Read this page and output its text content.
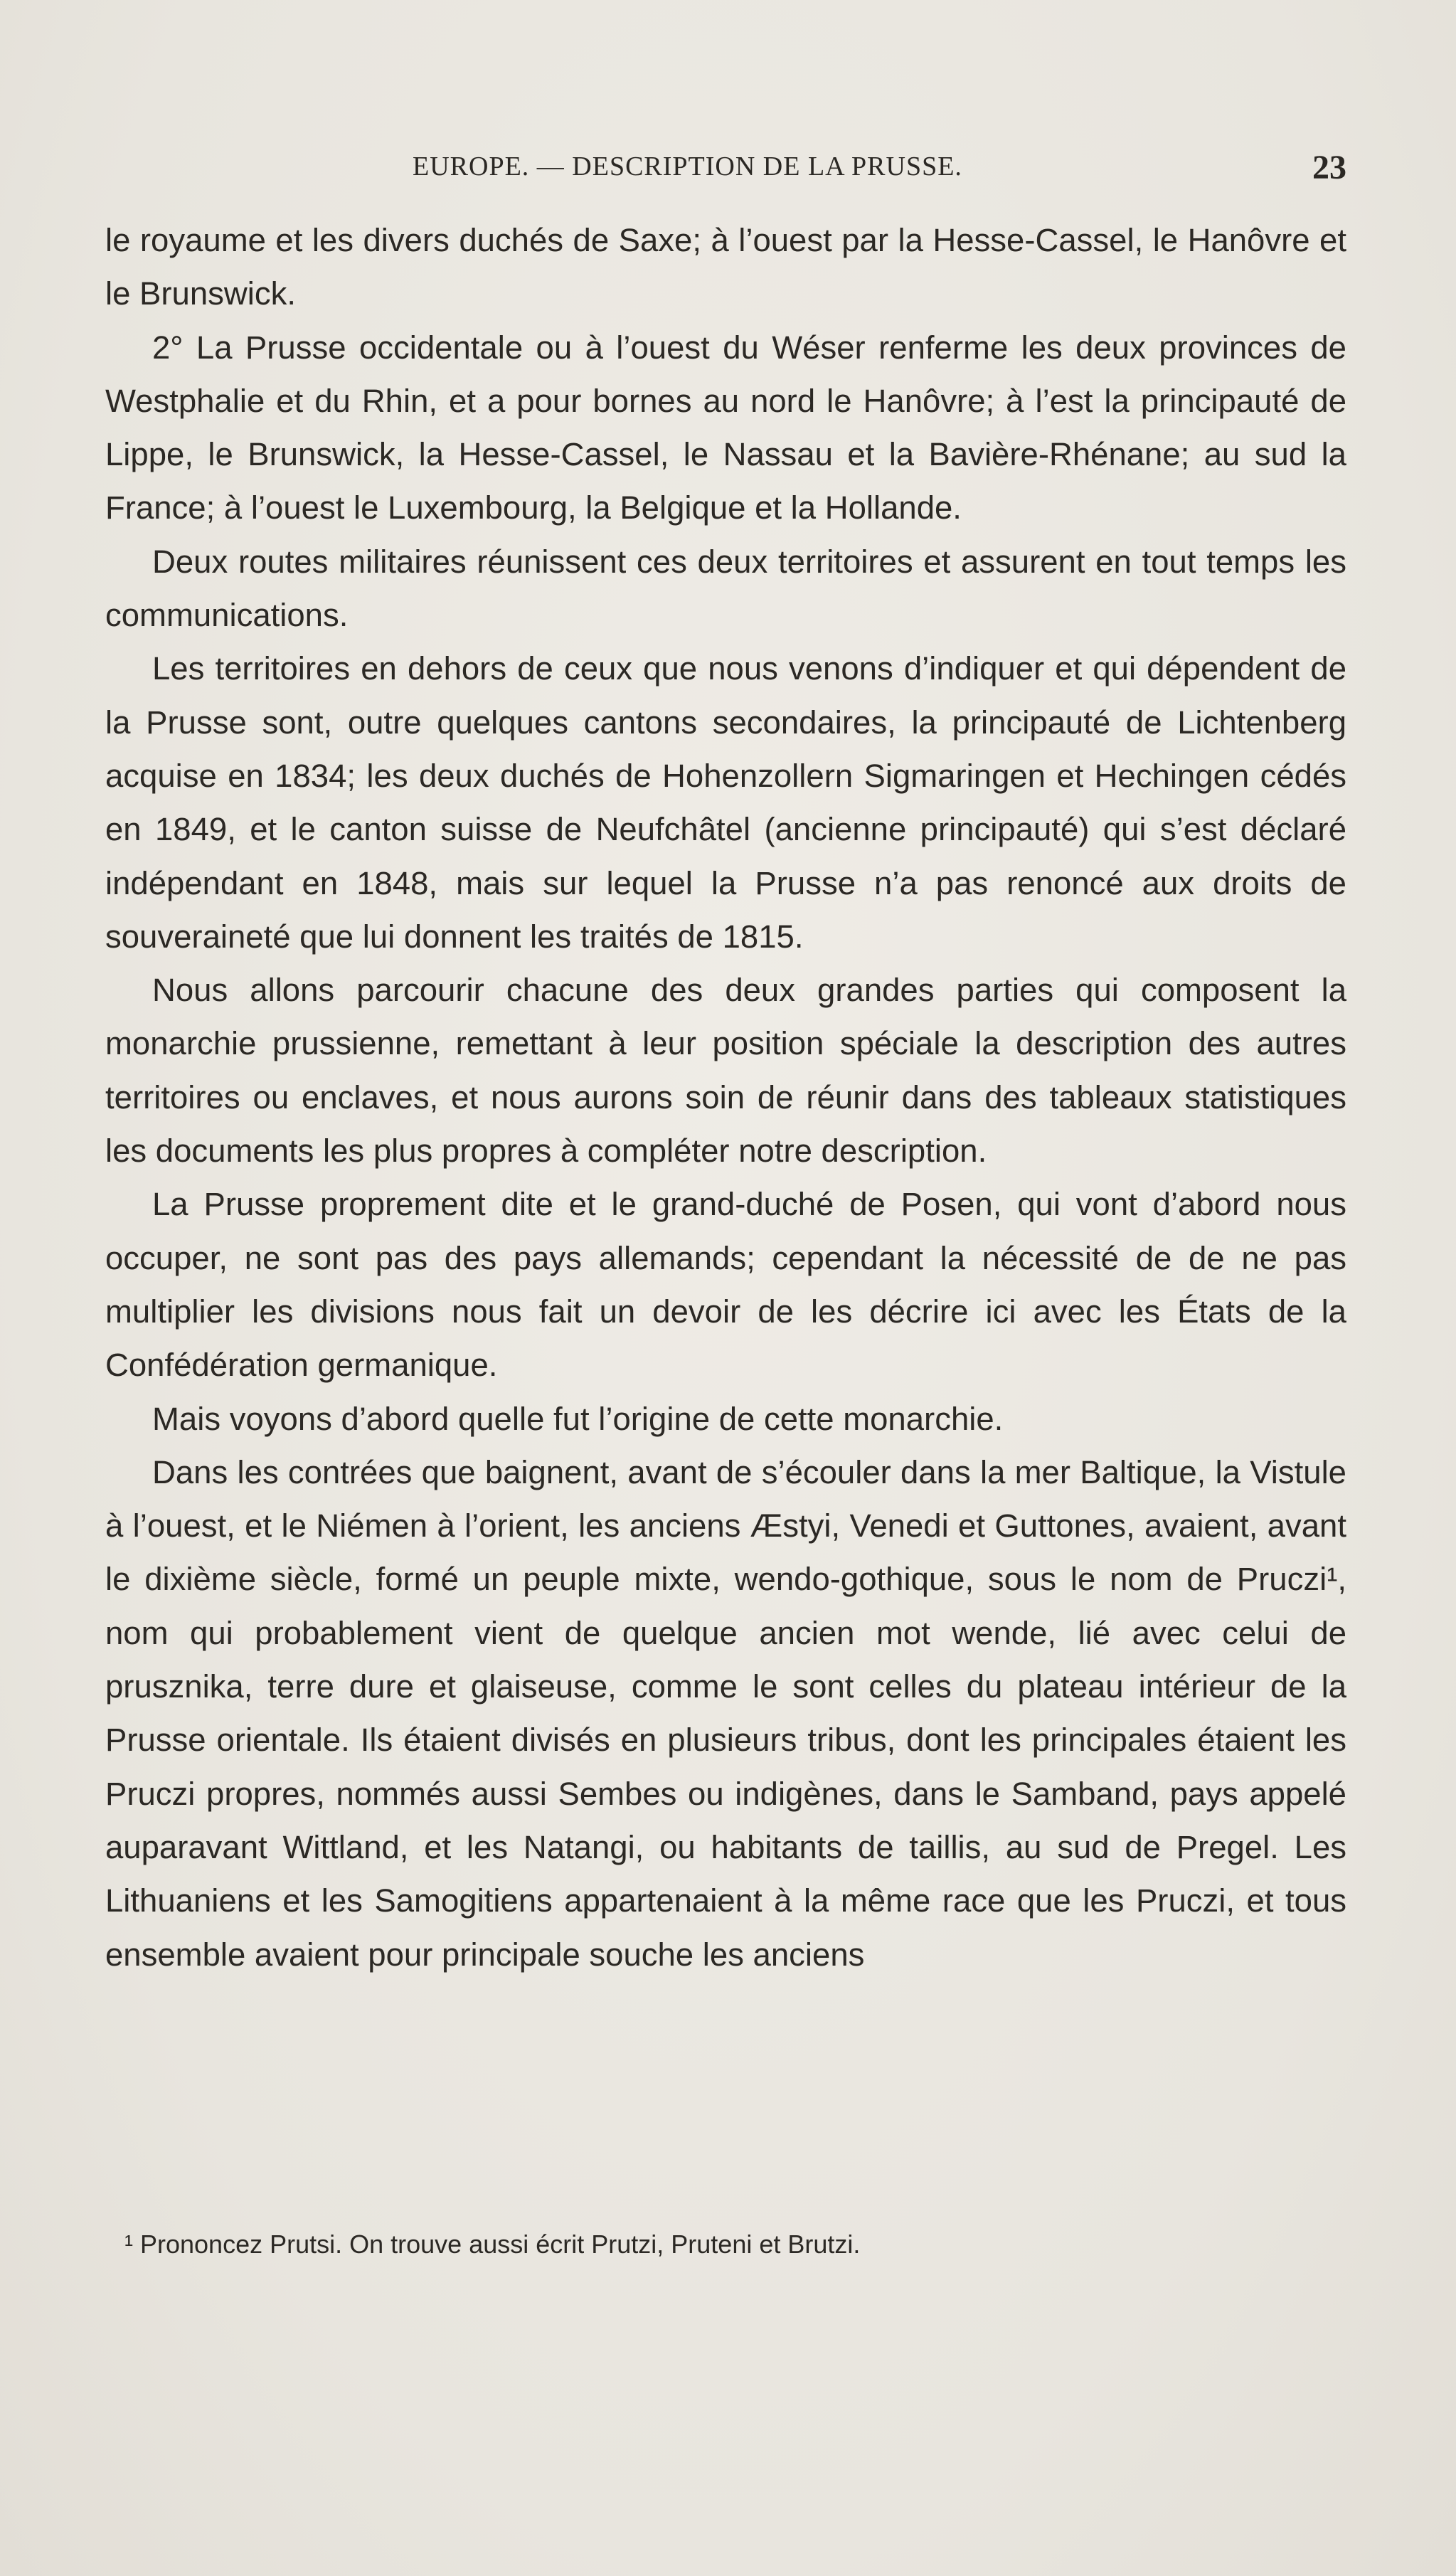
EUROPE. — DESCRIPTION DE LA PRUSSE.	23

le royaume et les divers duchés de Saxe; à l’ouest par la Hesse-Cassel, le Hanôvre et le Brunswick.

2° La Prusse occidentale ou à l’ouest du Wéser renferme les deux provinces de Westphalie et du Rhin, et a pour bornes au nord le Hanôvre; à l’est la principauté de Lippe, le Brunswick, la Hesse-Cassel, le Nassau et la Bavière-Rhénane; au sud la France; à l’ouest le Luxembourg, la Belgique et la Hollande.

Deux routes militaires réunissent ces deux territoires et assurent en tout temps les communications.

Les territoires en dehors de ceux que nous venons d’indiquer et qui dépendent de la Prusse sont, outre quelques cantons secondaires, la principauté de Lichtenberg acquise en 1834; les deux duchés de Hohenzollern Sigmaringen et Hechingen cédés en 1849, et le canton suisse de Neufchâtel (ancienne principauté) qui s’est déclaré indépendant en 1848, mais sur lequel la Prusse n’a pas renoncé aux droits de souveraineté que lui donnent les traités de 1815.

Nous allons parcourir chacune des deux grandes parties qui composent la monarchie prussienne, remettant à leur position spéciale la description des autres territoires ou enclaves, et nous aurons soin de réunir dans des tableaux statistiques les documents les plus propres à compléter notre description.

La Prusse proprement dite et le grand-duché de Posen, qui vont d’abord nous occuper, ne sont pas des pays allemands; cependant la nécessité de de ne pas multiplier les divisions nous fait un devoir de les décrire ici avec les États de la Confédération germanique.

Mais voyons d’abord quelle fut l’origine de cette monarchie.

Dans les contrées que baignent, avant de s’écouler dans la mer Baltique, la Vistule à l’ouest, et le Niémen à l’orient, les anciens Æstyi, Venedi et Guttones, avaient, avant le dixième siècle, formé un peuple mixte, wendo-gothique, sous le nom de Pruczi¹, nom qui probablement vient de quelque ancien mot wende, lié avec celui de prusznika, terre dure et glaiseuse, comme le sont celles du plateau intérieur de la Prusse orientale. Ils étaient divisés en plusieurs tribus, dont les principales étaient les Pruczi propres, nommés aussi Sembes ou indigènes, dans le Samband, pays appelé auparavant Wittland, et les Natangi, ou habitants de taillis, au sud de Pregel. Les Lithuaniens et les Samogitiens appartenaient à la même race que les Pruczi, et tous ensemble avaient pour principale souche les anciens

¹ Prononcez Prutsi. On trouve aussi écrit Prutzi, Pruteni et Brutzi.
